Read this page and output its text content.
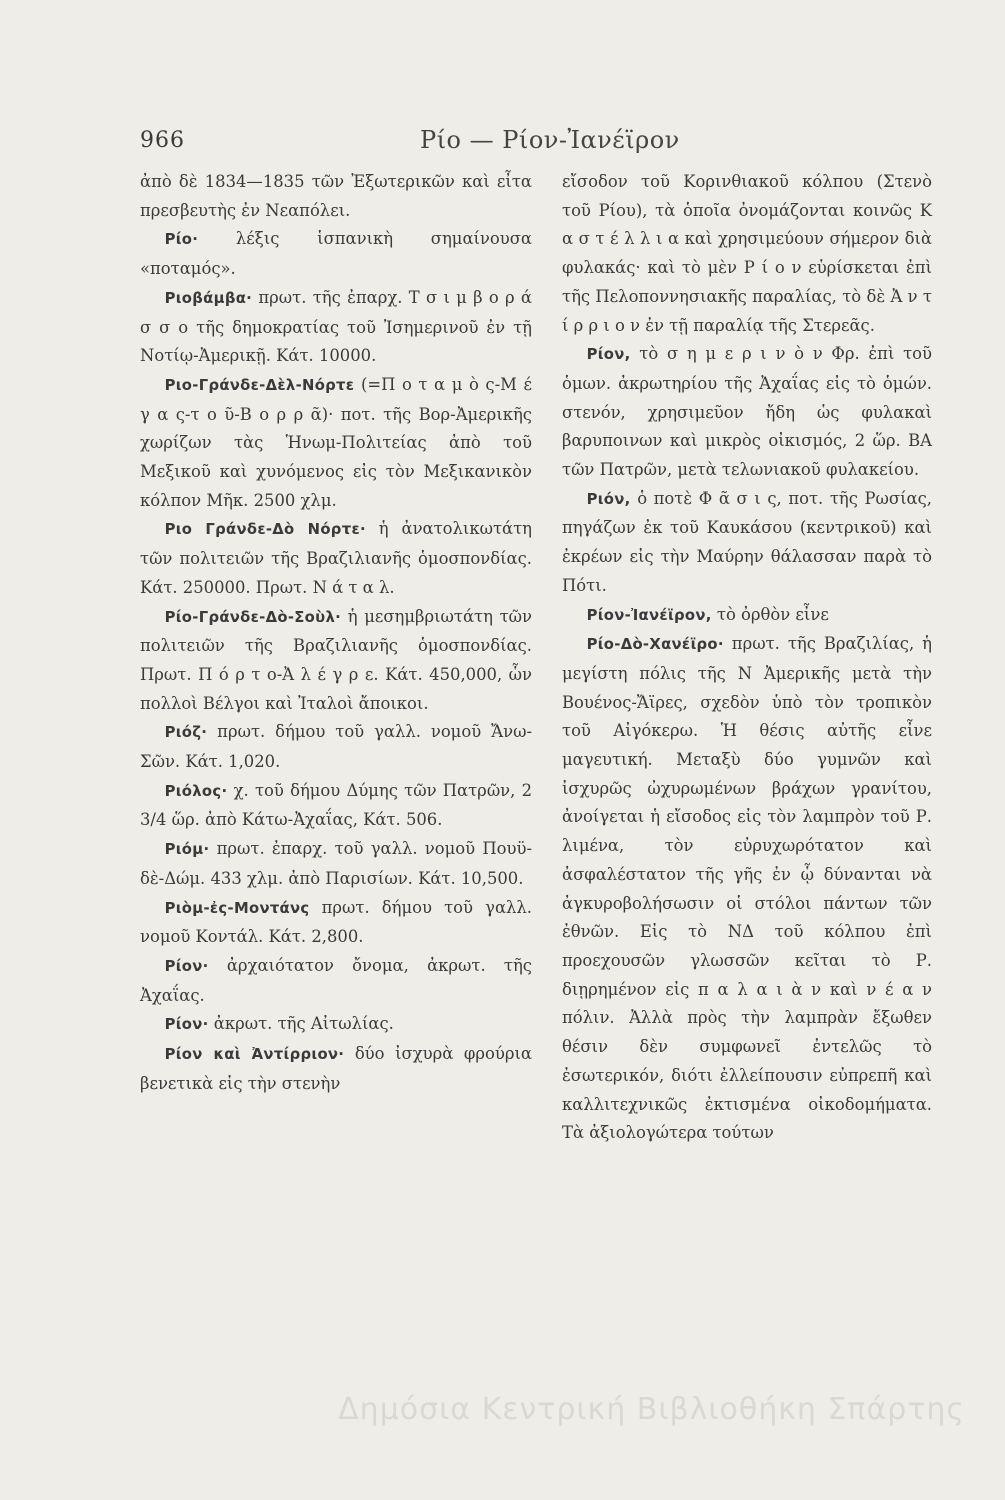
966	Ρίο — Ρίον-Ἰανέϊρον

ἀπὸ δὲ 1834—1835 τῶν Ἐξωτερικῶν καὶ εἶτα πρεσβευτὴς ἐν Νεαπόλει.

Ρίο· λέξις ἱσπανικὴ σημαίνουσα «ποταμός».

Ριοβάμβα· πρωτ. τῆς ἐπαρχ. Τ σ ι μ β ο ρ ά σ σ ο τῆς δημοκρατίας τοῦ Ἰσημερινοῦ ἐν τῇ Νοτίῳ-Ἀμερικῇ. Κάτ. 10000.

Ριο-Γράνδε-Δὲλ-Νόρτε (=Π ο τ α μ ὸ ς-Μ έ γ α ς-τ ο ῦ-Β ο ρ ρ ᾶ)· ποτ. τῆς Βορ-Ἀμερικῆς χωρίζων τὰς Ἡνωμ-Πολιτείας ἀπὸ τοῦ Μεξικοῦ καὶ χυνόμενος εἰς τὸν Μεξικανικὸν κόλπον Μῆκ. 2500 χλμ.

Ριο Γράνδε-Δὸ Νόρτε· ἡ ἀνατολικωτάτη τῶν πολιτειῶν τῆς Βραζιλιανῆς ὁμοσπονδίας. Κάτ. 250000. Πρωτ. Ν ά τ α λ.

Ρίο-Γράνδε-Δὸ-Σοὺλ· ἡ μεσημβριωτάτη τῶν πολιτειῶν τῆς Βραζιλιανῆς ὁμοσπονδίας. Πρωτ. Π ό ρ τ ο-Ἀ λ έ γ ρ ε. Κάτ. 450,000, ὧν πολλοὶ Βέλγοι καὶ Ἰταλοὶ ἄποικοι.

Ριόζ· πρωτ. δήμου τοῦ γαλλ. νομοῦ Ἄνω-Σῶν. Κάτ. 1,020.

Ριόλος· χ. τοῦ δήμου Δύμης τῶν Πατρῶν, 2 3/4 ὥρ. ἀπὸ Κάτω-Ἀχαΐας, Κάτ. 506.

Ριόμ· πρωτ. ἐπαρχ. τοῦ γαλλ. νομοῦ Πουϋ-δὲ-Δώμ. 433 χλμ. ἀπὸ Παρισίων. Κάτ. 10,500.

Ριὸμ-ἐς-Μοντάνς πρωτ. δήμου τοῦ γαλλ. νομοῦ Κοντάλ. Κάτ. 2,800.

Ρίον· ἀρχαιότατον ὄνομα, ἀκρωτ. τῆς Ἀχαΐας.

Ρίον· ἀκρωτ. τῆς Αἰτωλίας.

Ρίον καὶ Ἀντίρριον· δύο ἰσχυρὰ φρούρια βενετικὰ εἰς τὴν στενὴν

εἴσοδον τοῦ Κορινθιακοῦ κόλπου (Στενὸ τοῦ Ρίου), τὰ ὁποῖα ὀνομάζονται κοινῶς Κ α σ τ έ λ λ ι α καὶ χρησιμεύουν σήμερον διὰ φυλακάς· καὶ τὸ μὲν Ρ ί ο ν εὑρίσκεται ἐπὶ τῆς Πελοποννησιακῆς παραλίας, τὸ δὲ Ἀ ν τ ί ρ ρ ι ο ν ἐν τῇ παραλίᾳ τῆς Στερεᾶς.

Ρίον, τὸ σ η μ ε ρ ι ν ὸ ν Φρ. ἐπὶ τοῦ ὁμων. ἀκρωτηρίου τῆς Ἀχαΐας εἰς τὸ ὁμών. στενόν, χρησιμεῦον ἤδη ὡς φυλακαὶ βαρυποινων καὶ μικρὸς οἰκισμός, 2 ὥρ. ΒΑ τῶν Πατρῶν, μετὰ τελωνιακοῦ φυλακείου.

Ριόν, ὁ ποτὲ Φ ᾶ σ ι ς, ποτ. τῆς Ρωσίας, πηγάζων ἐκ τοῦ Καυκάσου (κεντρικοῦ) καὶ ἐκρέων εἰς τὴν Μαύρην θάλασσαν παρὰ τὸ Πότι.

Ρίον-Ἰανέϊρον, τὸ ὀρθὸν εἶνε

Ρίο-Δὸ-Χανέϊρο· πρωτ. τῆς Βραζιλίας, ἡ μεγίστη πόλις τῆς Ν Ἀμερικῆς μετὰ τὴν Βουένος-Ἄϊρες, σχεδὸν ὑπὸ τὸν τροπικὸν τοῦ Αἰγόκερω. Ἡ θέσις αὐτῆς εἶνε μαγευτική. Μεταξὺ δύο γυμνῶν καὶ ἰσχυρῶς ὠχυρωμένων βράχων γρανίτου, ἀνοίγεται ἡ εἴσοδος εἰς τὸν λαμπρὸν τοῦ Ρ. λιμένα, τὸν εὐρυχωρότατον καὶ ἀσφαλέστατον τῆς γῆς ἐν ᾧ δύνανται νὰ ἀγκυροβολήσωσιν οἱ στόλοι πάντων τῶν ἐθνῶν. Εἰς τὸ ΝΔ τοῦ κόλπου ἐπὶ προεχουσῶν γλωσσῶν κεῖται τὸ Ρ. διῃρημένον εἰς π α λ α ι ὰ ν καὶ ν έ α ν πόλιν. Ἀλλὰ πρὸς τὴν λαμπρὰν ἔξωθεν θέσιν δὲν συμφωνεῖ ἐντελῶς τὸ ἐσωτερικόν, διότι ἐλλείπουσιν εὐπρεπῆ καὶ καλλιτεχνικῶς ἐκτισμένα οἰκοδομήματα. Τὰ ἀξιολογώτερα τούτων

Δημόσια Κεντρική Βιβλιοθήκη Σπάρτης
